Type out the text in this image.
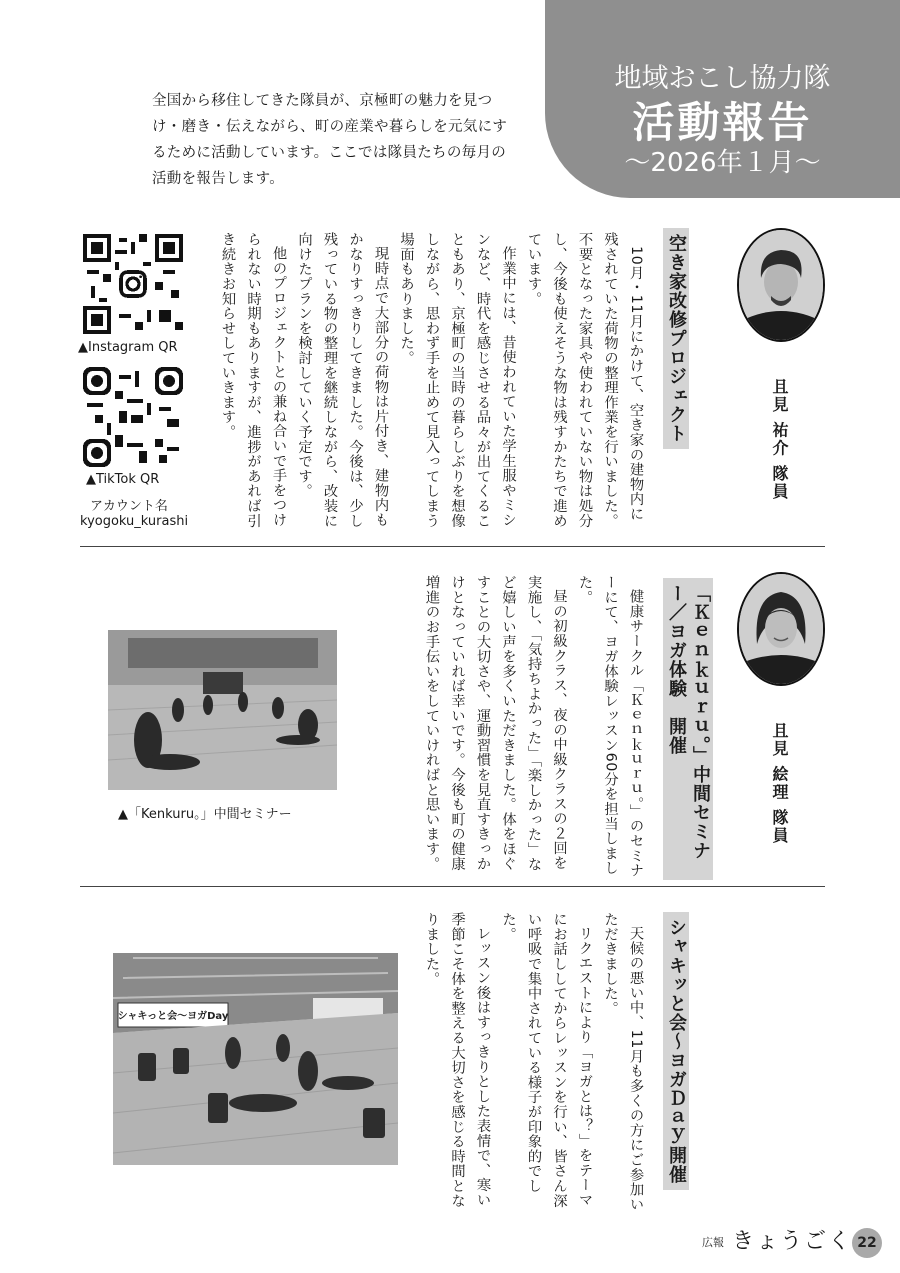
地域おこし協力隊
活動報告
〜2026年１月〜
全国から移住してきた隊員が、京極町の魅力を見つけ・磨き・伝えながら、町の産業や暮らしを元気にするために活動しています。ここでは隊員たちの毎月の活動を報告します。
且見 祐介 隊員
空き家改修プロジェクト

10月・11月にかけて、空き家の建物内に残されていた荷物の整理作業を行いました。不要となった家具や使われていない物は処分し、今後も使えそうな物は残すかたちで進めています。

作業中には、昔使われていた学生服やミシンなど、時代を感じさせる品々が出てくることもあり、京極町の当時の暮らしぶりを想像しながら、思わず手を止めて見入ってしまう場面もありました。

現時点で大部分の荷物は片付き、建物内もかなりすっきりしてきました。今後は、少し残っている物の整理を継続しながら、改装に向けたプランを検討していく予定です。

他のプロジェクトとの兼ね合いで手をつけられない時期もありますが、進捗があれば引き続きお知らせしていきます。

▲Instagram QR
▲TikTok QR
アカウント名
kyogoku_kurashi
且見 絵理 隊員
「Ｋｅｎｋｕｒｕ。」中間セミナー／ヨガ体験　開催

健康サークル「Ｋｅｎｋｕｒｕ。」のセミナーにて、ヨガ体験レッスン60分を担当しました。

昼の初級クラス、夜の中級クラスの２回を実施し、「気持ちよかった」「楽しかった」など嬉しい声を多くいただきました。体をほぐすことの大切さや、運動習慣を見直すきっかけとなっていれば幸いです。今後も町の健康増進のお手伝いをしていければと思います。

▲「Kenkuru。」中間セミナー
シャキッと会〜ヨガＤａｙ開催

天候の悪い中、11月も多くの方にご参加いただきました。

リクエストにより「ヨガとは？」をテーマにお話ししてからレッスンを行い、皆さん深い呼吸で集中されている様子が印象的でした。

レッスン後はすっきりとした表情で、寒い季節こそ体を整える大切さを感じる時間となりました。

シャキっと会〜ヨガDay
広報 きょうごく 22
